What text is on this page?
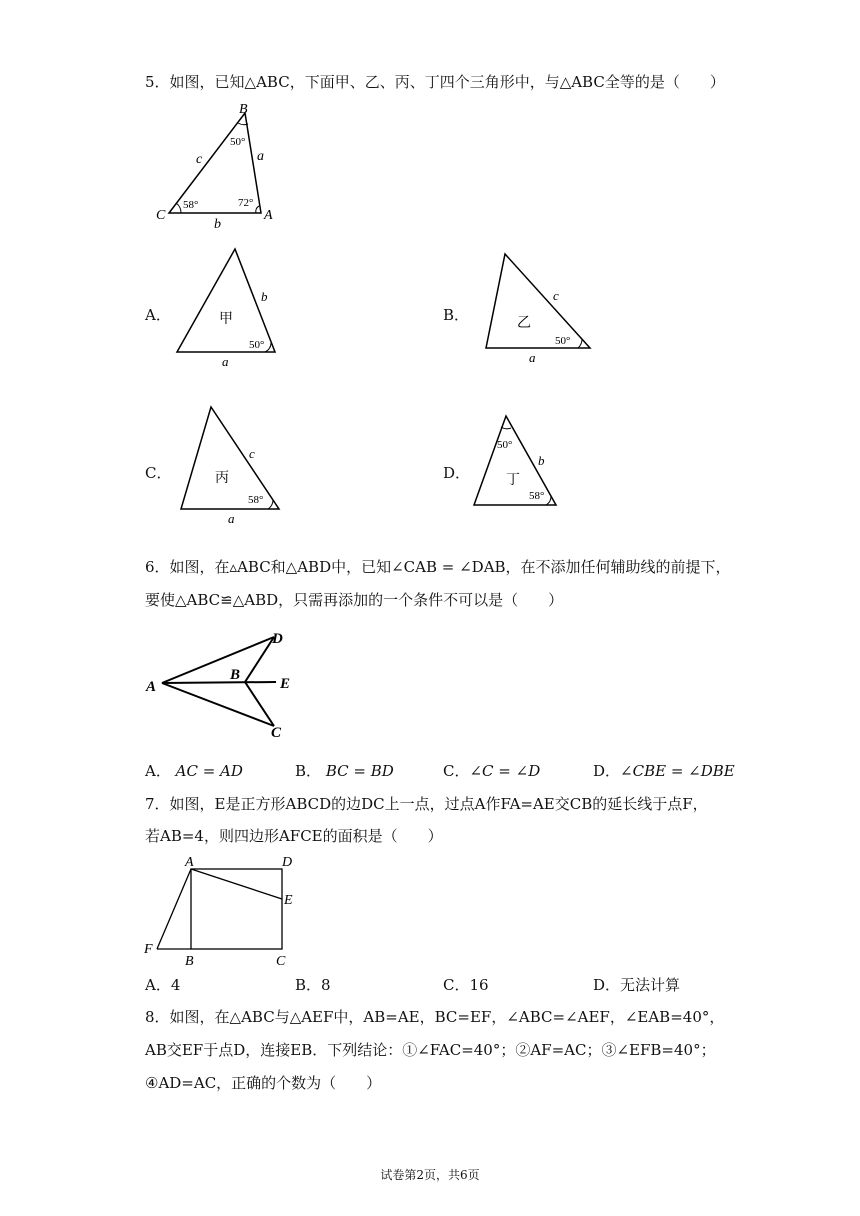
5．如图，已知△ABC，下面甲、乙、丙、丁四个三角形中，与△ABC全等的是（　　）
B
C	A
c	a
b
50°
58°	72°
A．	甲
b
a
50°
B．	乙
c
a
50°
C．	丙
c
a
58°
D．	丁
b
50°
58°
6．如图，在▵ABC和△ABD中，已知∠CAB = ∠DAB，在不添加任何辅助线的前提下，
要使△ABC≌△ABD，只需再添加的一个条件不可以是（　　）
A
B
D
E
C
A． AC = AD	B． BC = BD	C．∠C = ∠D	D．∠CBE = ∠DBE
7．如图，E是正方形ABCD的边DC上一点，过点A作FA=AE交CB的延长线于点F，
若AB=4，则四边形AFCE的面积是（　　）
A	D
E
F
B	C
A．4	B．8	C．16	D．无法计算
8．如图，在△ABC与△AEF中，AB=AE，BC=EF，∠ABC=∠AEF，∠EAB=40°，
AB交EF于点D，连接EB．下列结论：①∠FAC=40°；②AF=AC；③∠EFB=40°；
④AD=AC，正确的个数为（　　）
试卷第2页，共6页
